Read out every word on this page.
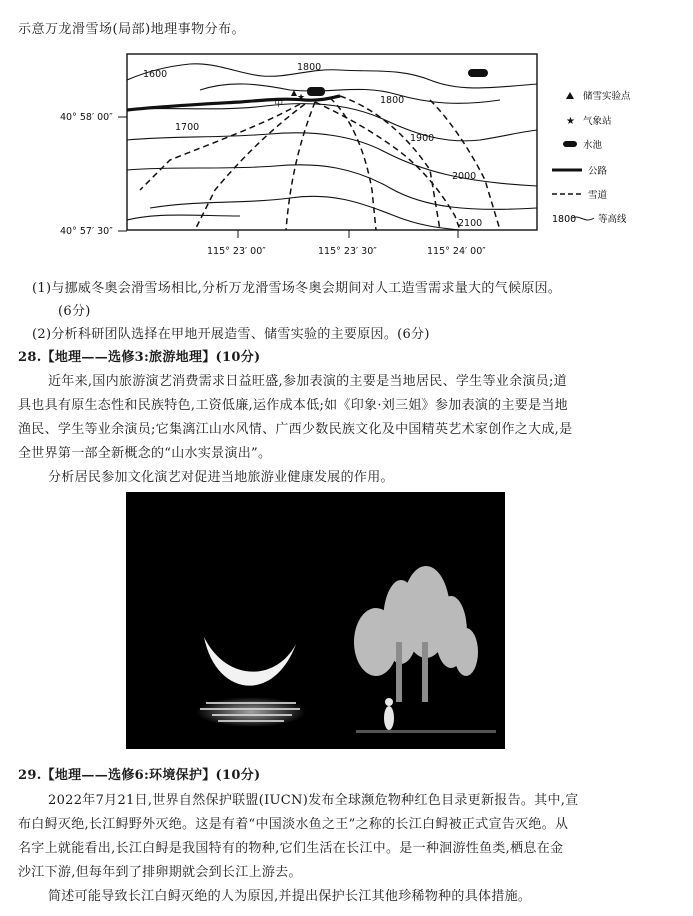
示意万龙滑雪场(局部)地理事物分布。
★
1600
1800
1800
1700
1900
2000
2100
甲
40° 58′ 00″
40° 57′ 30″
115° 23′ 00″	115° 23′ 30″	115° 24′ 00″
储雪实验点
★ 气象站
水池
公路
雪道
1800 等高线
(1)与挪威冬奥会滑雪场相比,分析万龙滑雪场冬奥会期间对人工造雪需求量大的气候原因。
(6分)
(2)分析科研团队选择在甲地开展造雪、储雪实验的主要原因。(6分)
28.【地理——选修3:旅游地理】(10分)
近年来,国内旅游演艺消费需求日益旺盛,参加表演的主要是当地居民、学生等业余演员;道
具也具有原生态性和民族特色,工资低廉,运作成本低;如《印象·刘三姐》参加表演的主要是当地
渔民、学生等业余演员;它集漓江山水风情、广西少数民族文化及中国精英艺术家创作之大成,是
全世界第一部全新概念的“山水实景演出”。
分析居民参加文化演艺对促进当地旅游业健康发展的作用。
29.【地理——选修6:环境保护】(10分)
2022年7月21日,世界自然保护联盟(IUCN)发布全球濒危物种红色目录更新报告。其中,宣
布白鲟灭绝,长江鲟野外灭绝。这是有着“中国淡水鱼之王”之称的长江白鲟被正式宣告灭绝。从
名字上就能看出,长江白鲟是我国特有的物种,它们生活在长江中。是一种洄游性鱼类,栖息在金
沙江下游,但每年到了排卵期就会到长江上游去。
简述可能导致长江白鲟灭绝的人为原因,并提出保护长江其他珍稀物种的具体措施。
